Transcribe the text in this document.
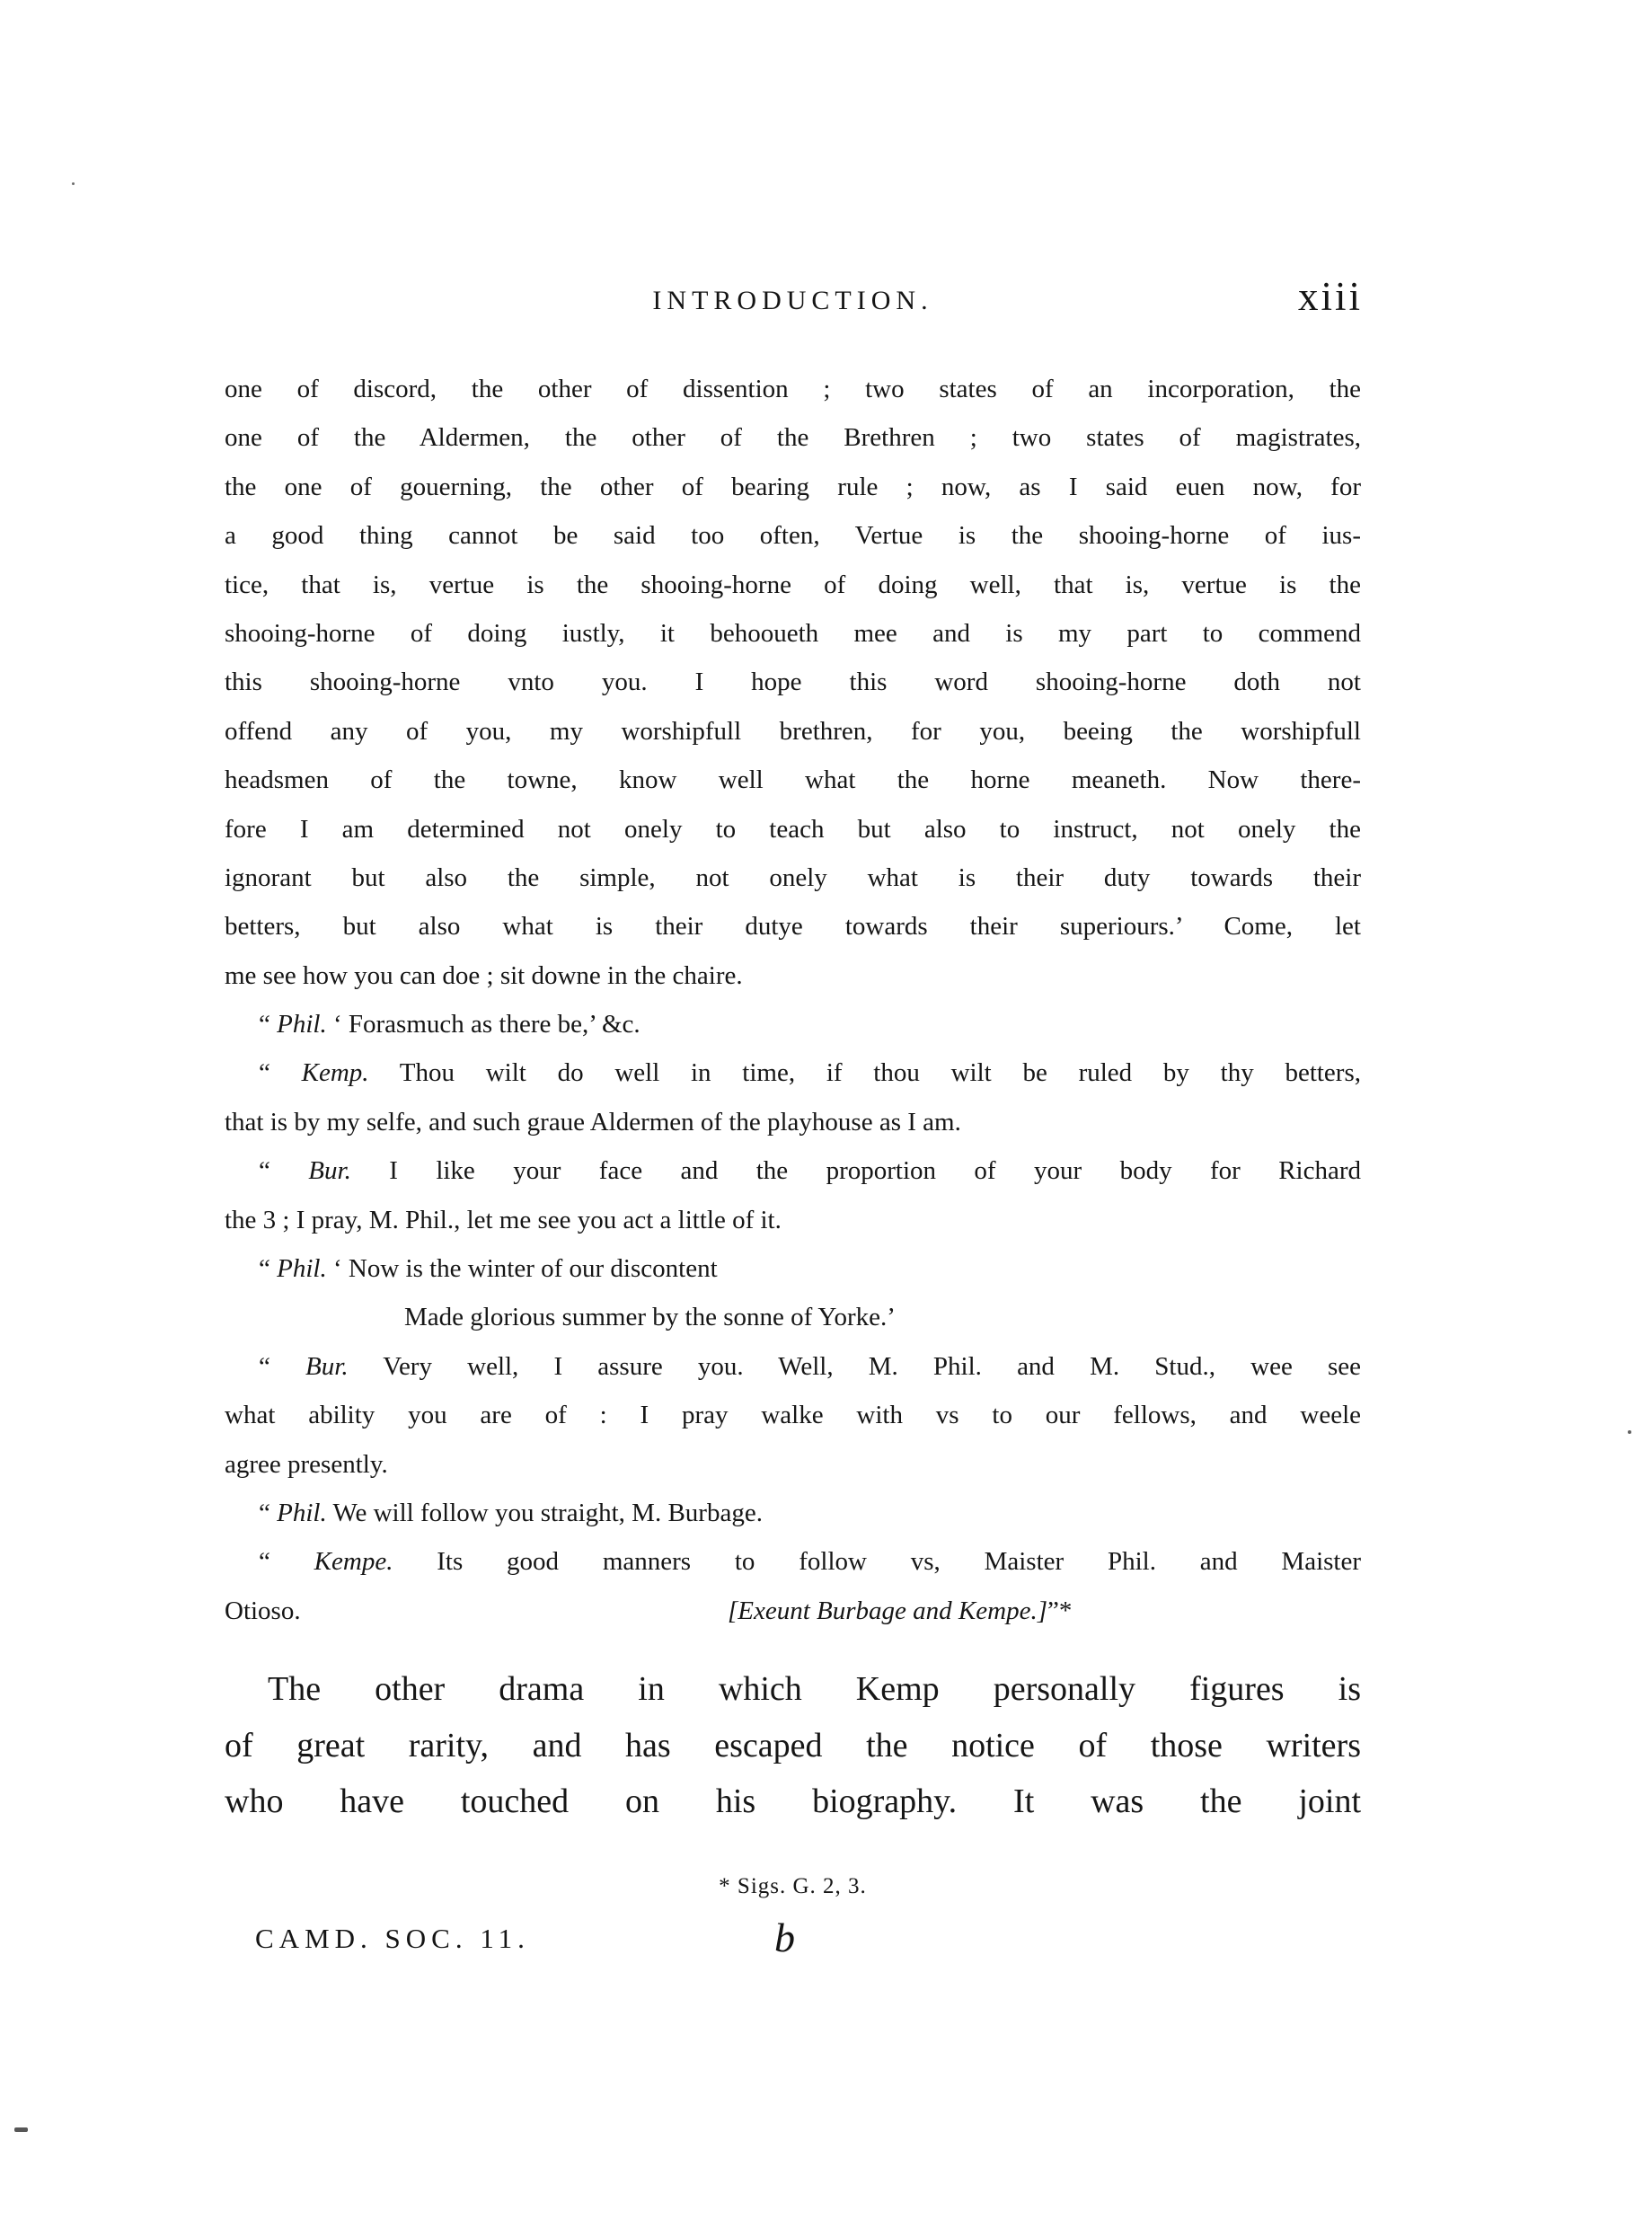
INTRODUCTION.	xiii
one of discord, the other of dissention ; two states of an incorporation, the
one of the Aldermen, the other of the Brethren ; two states of magistrates,
the one of gouerning, the other of bearing rule ; now, as I said euen now, for
a good thing cannot be said too often, Vertue is the shooing-horne of ius-
tice, that is, vertue is the shooing-horne of doing well, that is, vertue is the
shooing-horne of doing iustly, it behooueth mee and is my part to commend
this shooing-horne vnto you. I hope this word shooing-horne doth not
offend any of you, my worshipfull brethren, for you, beeing the worshipfull
headsmen of the towne, know well what the horne meaneth. Now there-
fore I am determined not onely to teach but also to instruct, not onely the
ignorant but also the simple, not onely what is their duty towards their
betters, but also what is their dutye towards their superiours.’ Come, let
me see how you can doe ; sit downe in the chaire.
“ Phil. ‘ Forasmuch as there be,’ &c.
“ Kemp. Thou wilt do well in time, if thou wilt be ruled by thy betters,
that is by my selfe, and such graue Aldermen of the playhouse as I am.
“ Bur. I like your face and the proportion of your body for Richard
the 3 ; I pray, M. Phil., let me see you act a little of it.
“ Phil. ‘ Now is the winter of our discontent
Made glorious summer by the sonne of Yorke.’
“ Bur. Very well, I assure you. Well, M. Phil. and M. Stud., wee see
what ability you are of : I pray walke with vs to our fellows, and weele
agree presently.
“ Phil. We will follow you straight, M. Burbage.
“ Kempe. Its good manners to follow vs, Maister Phil. and Maister
Otioso.	[Exeunt Burbage and Kempe.]”*
The other drama in which Kemp personally figures is
of great rarity, and has escaped the notice of those writers
who have touched on his biography. It was the joint
* Sigs. G. 2, 3.
CAMD. SOC. 11.	b
